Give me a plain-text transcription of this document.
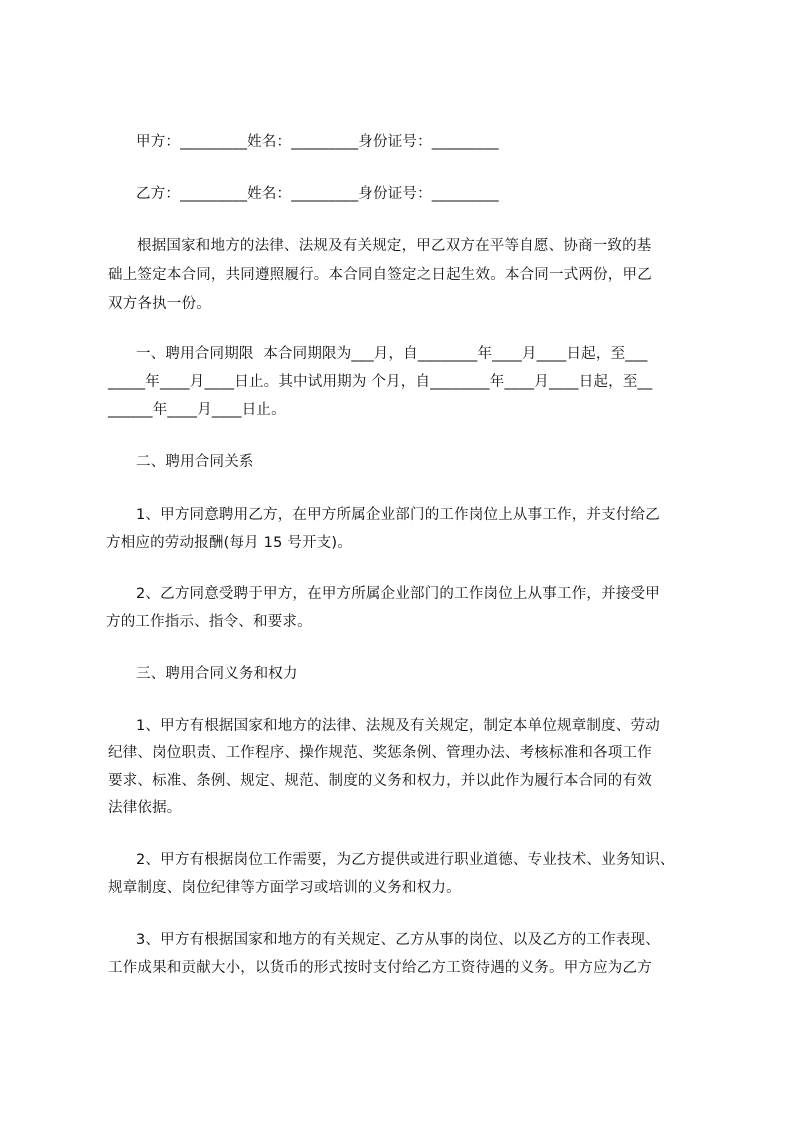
甲方：_________姓名：_________身份证号：_________
乙方：_________姓名：_________身份证号：_________
根据国家和地方的法律、法规及有关规定，甲乙双方在平等自愿、协商一致的基
础上签定本合同，共同遵照履行。本合同自签定之日起生效。本合同一式两份，甲乙
双方各执一份。
一、聘用合同期限  本合同期限为___月，自________年____月____日起，至___
_____年____月____日止。其中试用期为 个月，自________年____月____日起，至__
______年____月____日止。
二、聘用合同关系
1、甲方同意聘用乙方，在甲方所属企业部门的工作岗位上从事工作，并支付给乙
方相应的劳动报酬(每月 15 号开支)。
2、乙方同意受聘于甲方，在甲方所属企业部门的工作岗位上从事工作，并接受甲
方的工作指示、指令、和要求。
三、聘用合同义务和权力
1、甲方有根据国家和地方的法律、法规及有关规定，制定本单位规章制度、劳动
纪律、岗位职责、工作程序、操作规范、奖惩条例、管理办法、考核标准和各项工作
要求、标准、条例、规定、规范、制度的义务和权力，并以此作为履行本合同的有效
法律依据。
2、甲方有根据岗位工作需要，为乙方提供或进行职业道德、专业技术、业务知识、
规章制度、岗位纪律等方面学习或培训的义务和权力。
3、甲方有根据国家和地方的有关规定、乙方从事的岗位、以及乙方的工作表现、
工作成果和贡献大小，以货币的形式按时支付给乙方工资待遇的义务。甲方应为乙方
